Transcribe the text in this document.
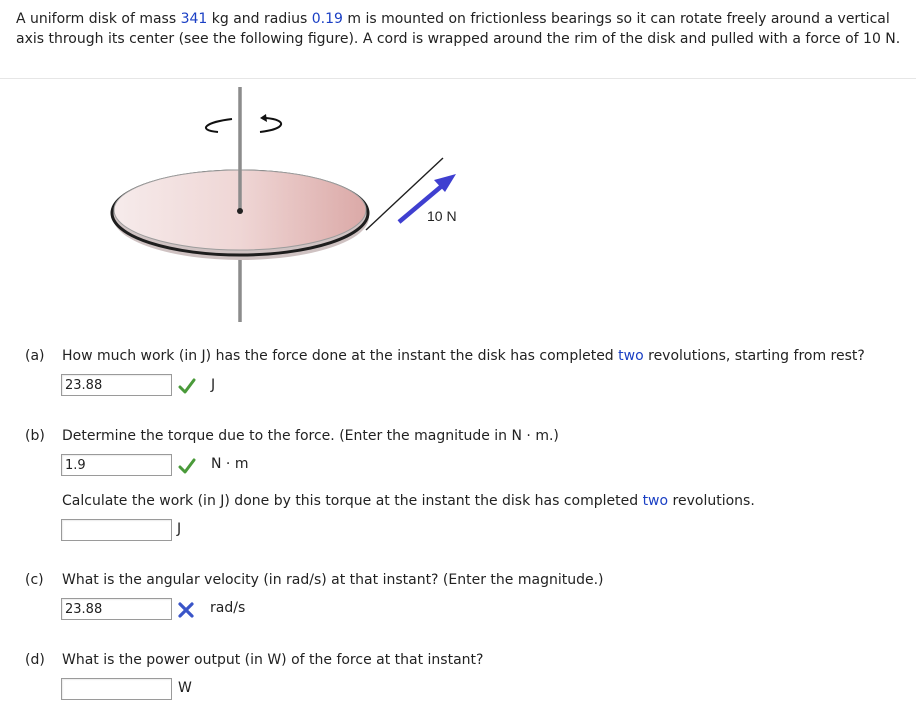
A uniform disk of mass 341 kg and radius 0.19 m is mounted on frictionless bearings so it can rotate freely around a vertical axis through its center (see the following figure). A cord is wrapped around the rim of the disk and pulled with a force of 10 N.
10 N
(a) How much work (in J) has the force done at the instant the disk has completed two revolutions, starting from rest?
23.88
J
(b) Determine the torque due to the force. (Enter the magnitude in N · m.)
1.9
N · m
Calculate the work (in J) done by this torque at the instant the disk has completed two revolutions.
J
(c) What is the angular velocity (in rad/s) at that instant? (Enter the magnitude.)
23.88
rad/s
(d) What is the power output (in W) of the force at that instant?
W
